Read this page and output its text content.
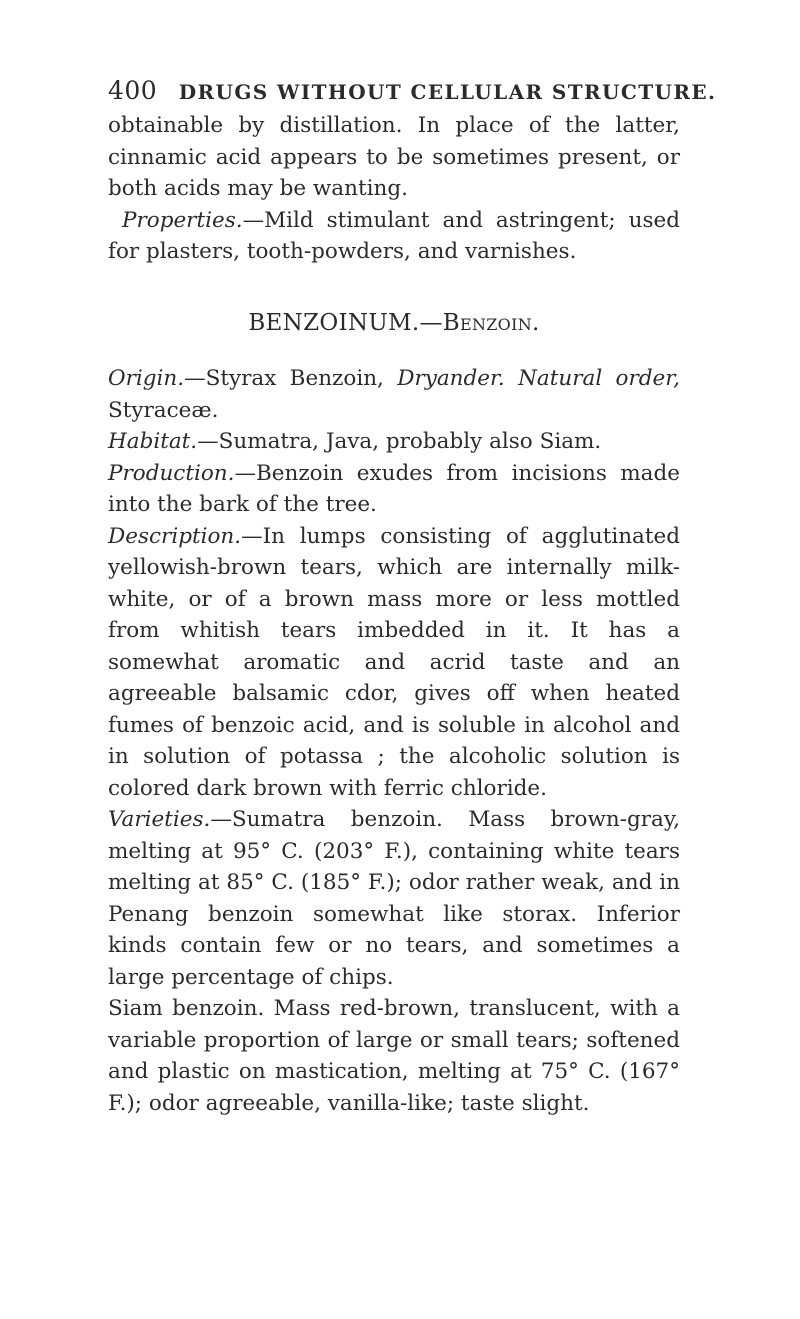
400 DRUGS WITHOUT CELLULAR STRUCTURE.

obtainable by distillation. In place of the latter, cinnamic acid appears to be sometimes present, or both acids may be wanting.

Properties.—Mild stimulant and astringent; used for plasters, tooth-powders, and varnishes.

BENZOINUM.—Benzoin.

Origin.—Styrax Benzoin, Dryander. Natural order, Styraceæ.

Habitat.—Sumatra, Java, probably also Siam.

Production.—Benzoin exudes from incisions made into the bark of the tree.

Description.—In lumps consisting of agglutinated yellowish-brown tears, which are internally milk-white, or of a brown mass more or less mottled from whitish tears imbedded in it. It has a somewhat aromatic and acrid taste and an agreeable balsamic cdor, gives off when heated fumes of benzoic acid, and is soluble in alcohol and in solution of potassa ; the alcoholic solution is colored dark brown with ferric chloride.

Varieties.—Sumatra benzoin. Mass brown-gray, melting at 95° C. (203° F.), containing white tears melting at 85° C. (185° F.); odor rather weak, and in Penang benzoin somewhat like storax. Inferior kinds contain few or no tears, and sometimes a large percentage of chips.

Siam benzoin. Mass red-brown, translucent, with a variable proportion of large or small tears; softened and plastic on mastication, melting at 75° C. (167° F.); odor agreeable, vanilla-like; taste slight.
